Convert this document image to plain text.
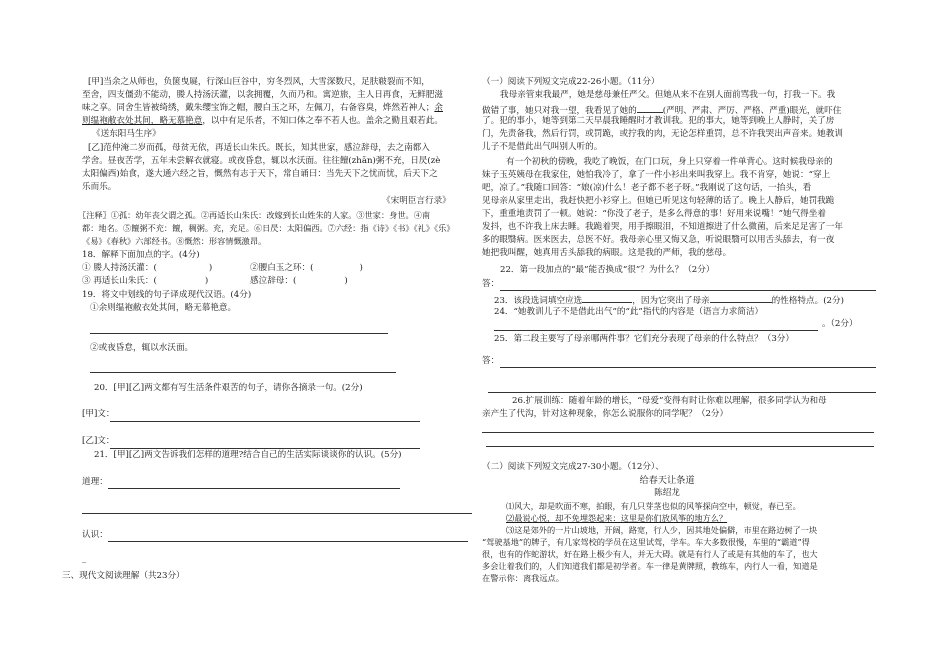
[甲]当余之从师也，负箧曳屣，行深山巨谷中，穷冬烈风，大雪深数尺，足肤皲裂而不知，
至舍，四支僵劲不能动，媵人持汤沃灌，以衾拥覆，久而乃和。寓逆旅，主人日再食，无鲜肥滋
味之享。同舍生皆被绮绣，戴朱缨宝饰之帽，腰白玉之环，左佩刀，右备容臭，烨然若神人；余
则缊袍敝衣处其间，略无慕艳意，以中有足乐者，不知口体之奉不若人也。盖余之勤且艰若此。
《送东阳马生序》
[乙]范仲淹二岁而孤，母贫无依，再适长山朱氏。既长，知其世家，感泣辞母，去之南都入
学舍。昼夜苦学，五年未尝解衣就寝。或夜昏怠，辄以水沃面。往往饘(zhān)粥不充，日昃(zè
太阳偏西)始食，遂大通六经之旨，慨然有志于天下，常自诵曰：当先天下之忧而忧，后天下之
乐而乐。
《宋明臣言行录》
〖注释〗①孤：幼年丧父谓之孤。②再适长山朱氏：改嫁到长山姓朱的人家。③世家：身世。④南
都：地名。⑤饘粥不充：饘，稠粥。充，充足。⑥日昃：太阳偏西。⑦六经：指《诗》《书》《礼》《乐》
《易》《春秋》六部经书。⑧慨然：形容情慨激昂。
18．解释下面加点的字。(4分)
① 媵人持汤沃灌：(	)	②腰白玉之环：(	)
③ 再适长山朱氏：(	)	感泣辞母：(	)
19．将文中划线的句子译成现代汉语。(4分)
①余则缊袍敝衣处其间，略无慕艳意。
②或夜昏怠，辄以水沃面。
20．[甲][乙]两文都有写生活条件艰苦的句子，请你各摘录一句。(2分)
[甲]文：
[乙]文：
21．[甲][乙]两文告诉我们怎样的道理?结合自己的生活实际谈谈你的认识。(5分)
道理：
认识：
_
三、现代文阅读理解（共23分）
（一）阅读下列短文完成22-26小题。（11分）
我母亲管束我最严，她是慈母兼任严父。但她从来不在别人面前骂我一句，打我一下。我
做错了事，她只对我一望，我看见了她的	(严明、严肃、严厉、严格、严重)眼光，就吓住
了。犯的事小，她等到第二天早晨我睡醒时才教训我。犯的事大，她等到晚上人静时，关了房
门，先责备我，然后行罚，或罚跪，或拧我的肉，无论怎样重罚，总不许我哭出声音来。她教训
儿子不是借此出气叫别人听的。
有一个初秋的傍晚，我吃了晚饭，在门口玩，身上只穿着一件单背心。这时候我母亲的
妹子玉英姨母在我家住，她怕我冷了，拿了一件小衫出来叫我穿上。我不肯穿，她说：“穿上
吧，凉了。”我随口回答：“娘(凉)什么！老子都不老子呀。”我刚说了这句话，一抬头，看
见母亲从家里走出，我赶快把小衫穿上。但她已听见这句轻薄的话了。晚上人静后，她罚我跪
下，重重地责罚了一顿。她说：“你没了老子，是多么得意的事！好用来说嘴！”她气得坐着
发抖，也不许我上床去睡。我跪着哭，用手擦眼泪，不知道擦进了什么微菌，后来足足害了一年
多的眼翳病。医来医去，总医不好。我母亲心里又悔又急，听说眼翳可以用舌头舔去，有一夜
她把我叫醒，她真用舌头舔我的病眼。这是我的严师，我的慈母。
22．第一段加点的“最”能否换成“很”？为什么？（2分）
答：
23．该段选词填空应选	，因为它突出了母亲	的性格特点。(2分)
24．“她教训儿子不是借此出气”的“此”指代的内容是（语言力求简洁）
。（2分）
25．第二段主要写了母亲哪两件事？它们充分表现了母亲的什么特点？（3分）
答：
26.扩展训练：随着年龄的增长，“母爱”变得有时让你难以理解，很多同学认为和母
亲产生了代沟，针对这种现象，你怎么说服你的同学呢？（2分）
（二）阅读下列短文完成27-30小题。（12分）、
给春天让条道
陈绍龙
⑴风大，却是吹面不寒，拍眼，有几只芽茎也似的风筝探向空中，顿觉，春已至。
⑵最说心悦，却不免埋怨起来：这里是你们放风筝的地方么？
⑶这是郊外的一片山坡地，开阔，路宽，行人少，因其地处偏僻，市里在路边树了一块
“驾驶基地”的牌子，有几家驾校的学员在这里试驾，学车。车大多数很慢，车里的“霸道”得
很，也有的作蛇游状，好在路上极少有人，并无大碍。就是有行人了或是有其他的车了，也大
多会让着我们的，人们知道我们都是初学者。车一律是黄牌照，教练车，内行人一看，知道是
在警示你：离我远点。
